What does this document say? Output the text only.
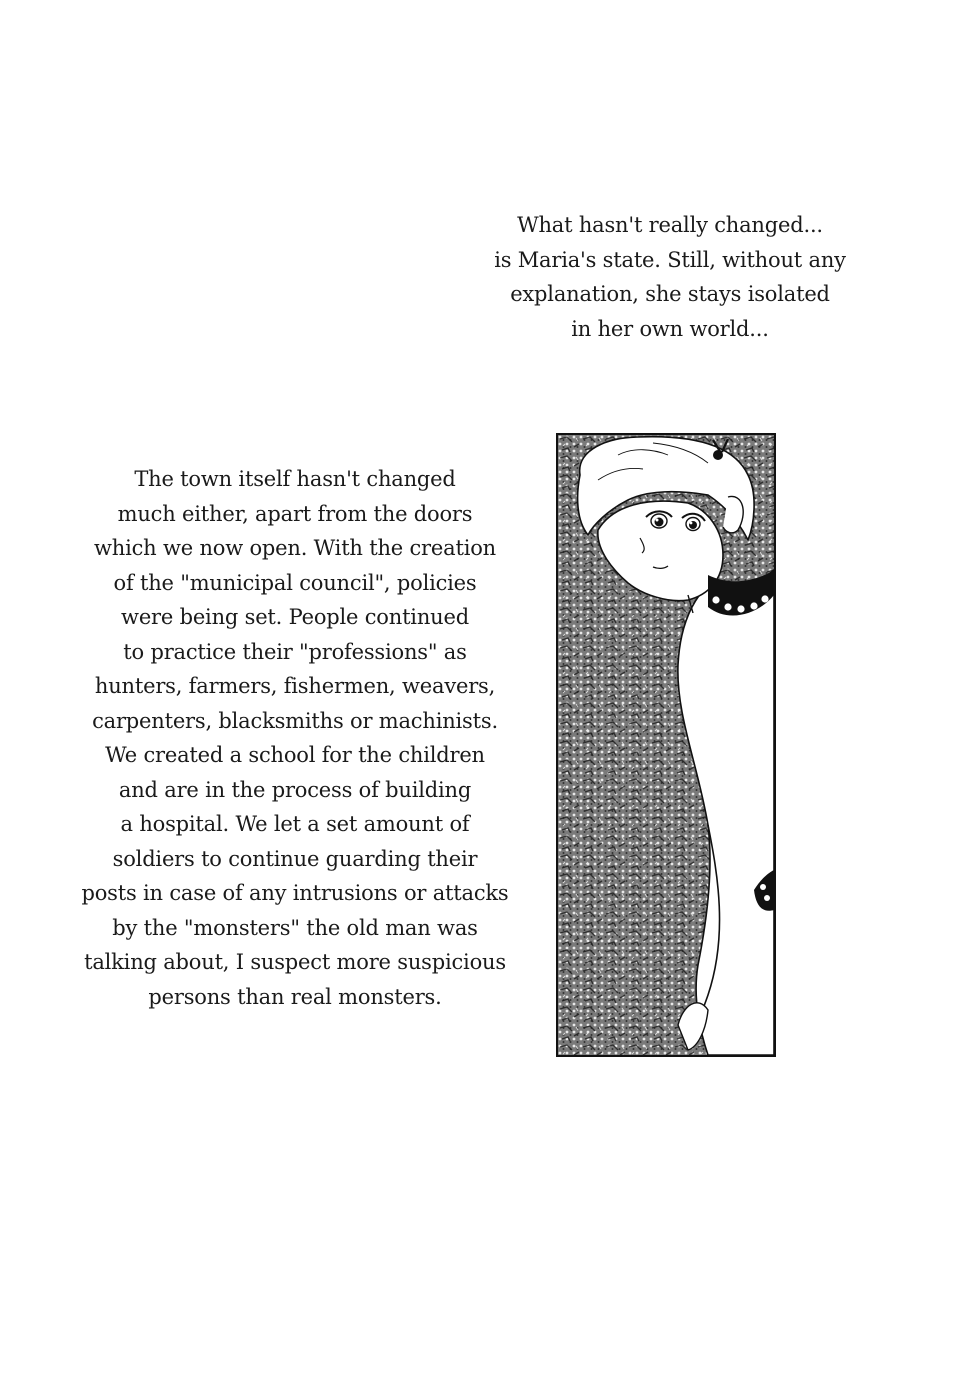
What hasn't really changed...
is Maria's state. Still, without any
explanation, she stays isolated
in her own world...
The town itself hasn't changed
much either, apart from the doors
which we now open. With the creation
of the "municipal council", policies
were being set. People continued
to practice their "professions" as
hunters, farmers, fishermen, weavers,
carpenters, blacksmiths or machinists.
We created a school for the children
and are in the process of building
a hospital. We let a set amount of
soldiers to continue guarding their
posts in case of any intrusions or attacks
by the "monsters" the old man was
talking about, I suspect more suspicious
persons than real monsters.
